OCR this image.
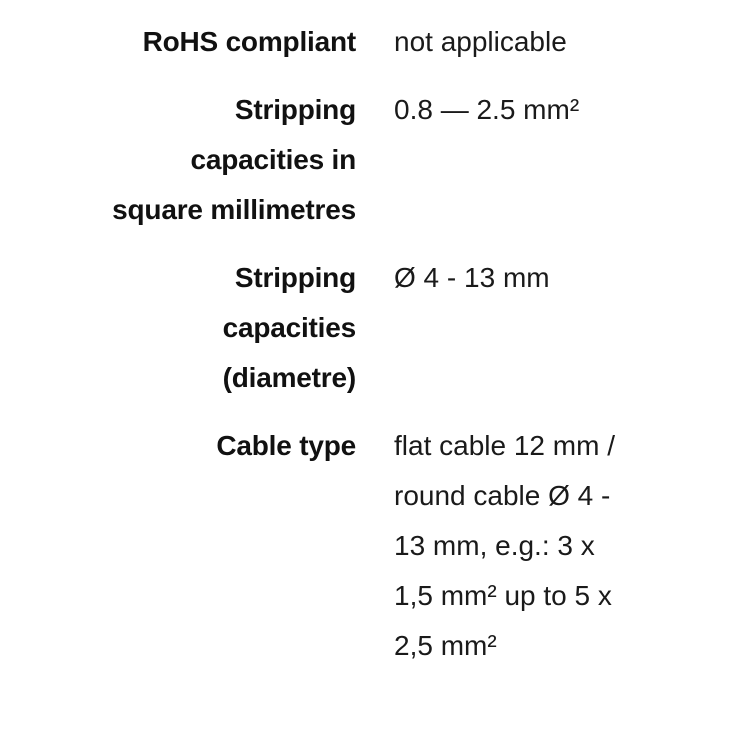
RoHS compliant not applicable
Stripping
capacities in
square millimetres
0.8 — 2.5 mm²
Stripping
capacities
(diametre)
Ø 4 - 13 mm
Cable type flat cable 12 mm /
round cable Ø 4 -
13 mm, e.g.: 3 x
1,5 mm² up to 5 x
2,5 mm²
